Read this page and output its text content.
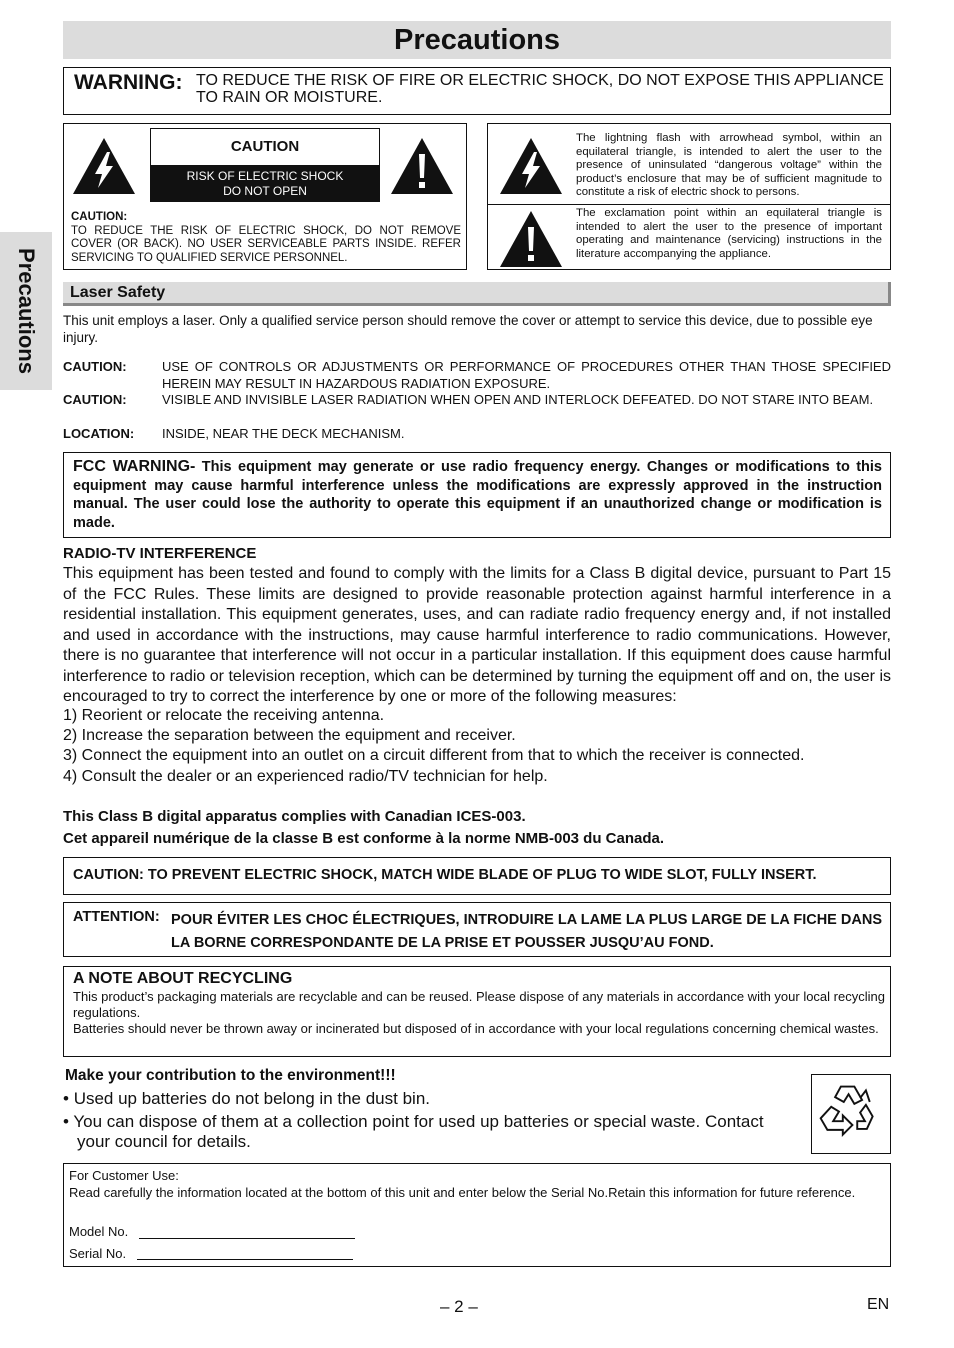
Precautions
Precautions
WARNING: TO REDUCE THE RISK OF FIRE OR ELECTRIC SHOCK, DO NOT EXPOSE THIS APPLIANCE TO RAIN OR MOISTURE.
CAUTION
RISK OF ELECTRIC SHOCK
DO NOT OPEN
CAUTION:
TO REDUCE THE RISK OF ELECTRIC SHOCK, DO NOT REMOVE COVER (OR BACK). NO USER SERVICEABLE PARTS INSIDE. REFER SERVICING TO QUALIFIED SERVICE PERSONNEL.
The lightning flash with arrowhead symbol, within an equilateral triangle, is intended to alert the user to the presence of uninsulated “dangerous voltage” within the product’s enclosure that may be of sufficient magnitude to constitute a risk of electric shock to persons.
The exclamation point within an equilateral triangle is intended to alert the user to the presence of important operating and maintenance (servicing) instructions in the literature accompanying the appliance.
Laser Safety
This unit employs a laser. Only a qualified service person should remove the cover or attempt to service this device, due to possible eye injury.
CAUTION:	USE OF CONTROLS OR ADJUSTMENTS OR PERFORMANCE OF PROCEDURES OTHER THAN THOSE SPECIFIED HEREIN MAY RESULT IN HAZARDOUS RADIATION EXPOSURE.
CAUTION:	VISIBLE AND INVISIBLE LASER RADIATION WHEN OPEN AND INTERLOCK DEFEATED. DO NOT STARE INTO BEAM.
LOCATION: INSIDE, NEAR THE DECK MECHANISM.
FCC WARNING- This equipment may generate or use radio frequency energy. Changes or modifications to this equipment may cause harmful interference unless the modifications are expressly approved in the instruction manual. The user could lose the authority to operate this equipment if an unauthorized change or modification is made.
RADIO-TV INTERFERENCE
This equipment has been tested and found to comply with the limits for a Class B digital device, pursuant to Part 15 of the FCC Rules. These limits are designed to provide reasonable protection against harmful interference in a residential installation. This equipment generates, uses, and can radiate radio frequency energy and, if not installed and used in accordance with the instructions, may cause harmful interference to radio communications. However, there is no guarantee that interference will not occur in a particular installation. If this equipment does cause harmful interference to radio or television reception, which can be determined by turning the equipment off and on, the user is encouraged to try to correct the interference by one or more of the following measures:
1) Reorient or relocate the receiving antenna.
2) Increase the separation between the equipment and receiver.
3) Connect the equipment into an outlet on a circuit different from that to which the receiver is connected.
4) Consult the dealer or an experienced radio/TV technician for help.
This Class B digital apparatus complies with Canadian ICES-003.
Cet appareil numérique de la classe B est conforme à la norme NMB-003 du Canada.
CAUTION: TO PREVENT ELECTRIC SHOCK, MATCH WIDE BLADE OF PLUG TO WIDE SLOT, FULLY INSERT.
ATTENTION: POUR ÉVITER LES CHOC ÉLECTRIQUES, INTRODUIRE LA LAME LA PLUS LARGE DE LA FICHE DANS LA BORNE CORRESPONDANTE DE LA PRISE ET POUSSER JUSQU’AU FOND.
A NOTE ABOUT RECYCLING
This product’s packaging materials are recyclable and can be reused. Please dispose of any materials in accordance with your local recycling regulations.
Batteries should never be thrown away or incinerated but disposed of in accordance with your local regulations concerning chemical wastes.
Make your contribution to the environment!!!
• Used up batteries do not belong in the dust bin.
• You can dispose of them at a collection point for used up batteries or special waste. Contact your council for details.
For Customer Use:
Read carefully the information located at the bottom of this unit and enter below the Serial No.Retain this information for future reference.
Model No.
Serial No.
– 2 –	EN
